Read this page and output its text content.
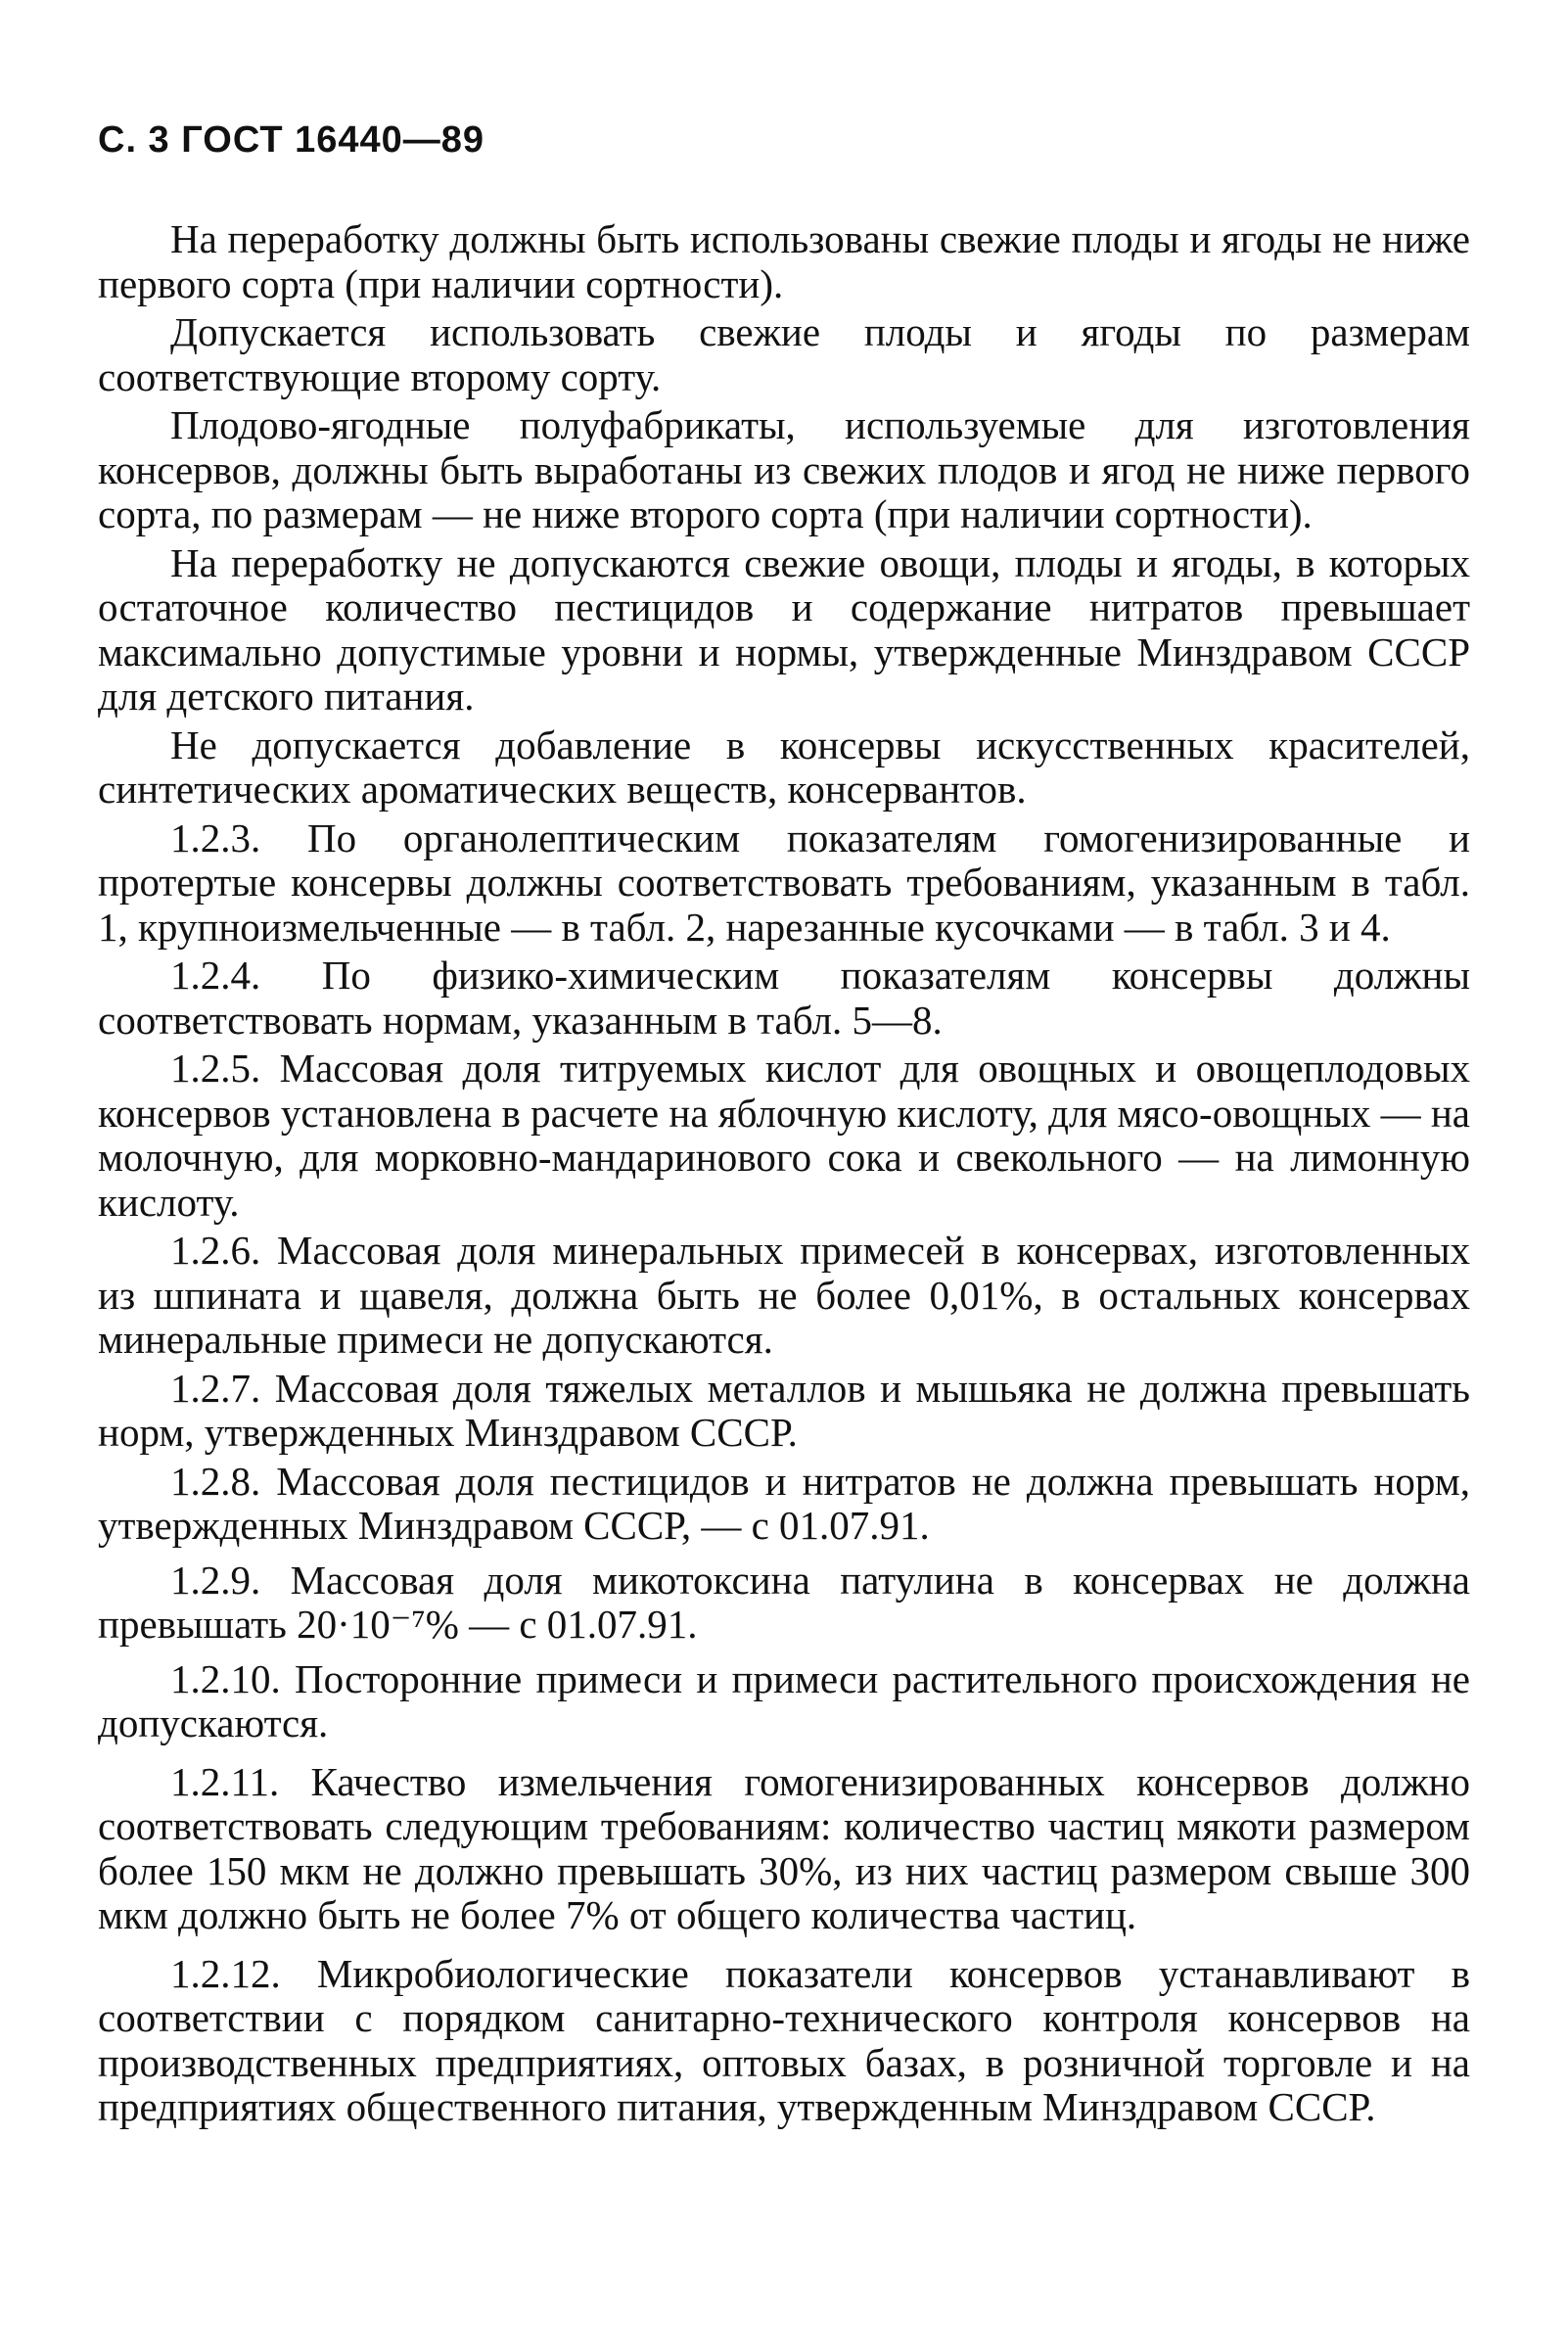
С. 3 ГОСТ 16440—89

На переработку должны быть использованы свежие плоды и ягоды не ниже первого сорта (при наличии сортности).

Допускается использовать свежие плоды и ягоды по размерам соответствующие второму сорту.

Плодово-ягодные полуфабрикаты, используемые для изготовления консервов, должны быть выработаны из свежих плодов и ягод не ниже первого сорта, по размерам — не ниже второго сорта (при наличии сортности).

На переработку не допускаются свежие овощи, плоды и ягоды, в которых остаточное количество пестицидов и содержание нитратов превышает максимально допустимые уровни и нормы, утвержденные Минздравом СССР для детского питания.

Не допускается добавление в консервы искусственных красителей, синтетических ароматических веществ, консервантов.

1.2.3. По органолептическим показателям гомогенизированные и протертые консервы должны соответствовать требованиям, указанным в табл. 1, крупноизмельченные — в табл. 2, нарезанные кусочками — в табл. 3 и 4.

1.2.4. По физико-химическим показателям консервы должны соответствовать нормам, указанным в табл. 5—8.

1.2.5. Массовая доля титруемых кислот для овощных и овощеплодовых консервов установлена в расчете на яблочную кислоту, для мясо-овощных — на молочную, для морковно-мандаринового сока и свекольного — на лимонную кислоту.

1.2.6. Массовая доля минеральных примесей в консервах, изготовленных из шпината и щавеля, должна быть не более 0,01%, в остальных консервах минеральные примеси не допускаются.

1.2.7. Массовая доля тяжелых металлов и мышьяка не должна превышать норм, утвержденных Минздравом СССР.

1.2.8. Массовая доля пестицидов и нитратов не должна превышать норм, утвержденных Минздравом СССР, — с 01.07.91.

1.2.9. Массовая доля микотоксина патулина в консервах не должна превышать 20·10⁻⁷% — с 01.07.91.

1.2.10. Посторонние примеси и примеси растительного происхождения не допускаются.

1.2.11. Качество измельчения гомогенизированных консервов должно соответствовать следующим требованиям: количество частиц мякоти размером более 150 мкм не должно превышать 30%, из них частиц размером свыше 300 мкм должно быть не более 7% от общего количества частиц.

1.2.12. Микробиологические показатели консервов устанавливают в соответствии с порядком санитарно-технического контроля консервов на производственных предприятиях, оптовых базах, в розничной торговле и на предприятиях общественного питания, утвержденным Минздравом СССР.
